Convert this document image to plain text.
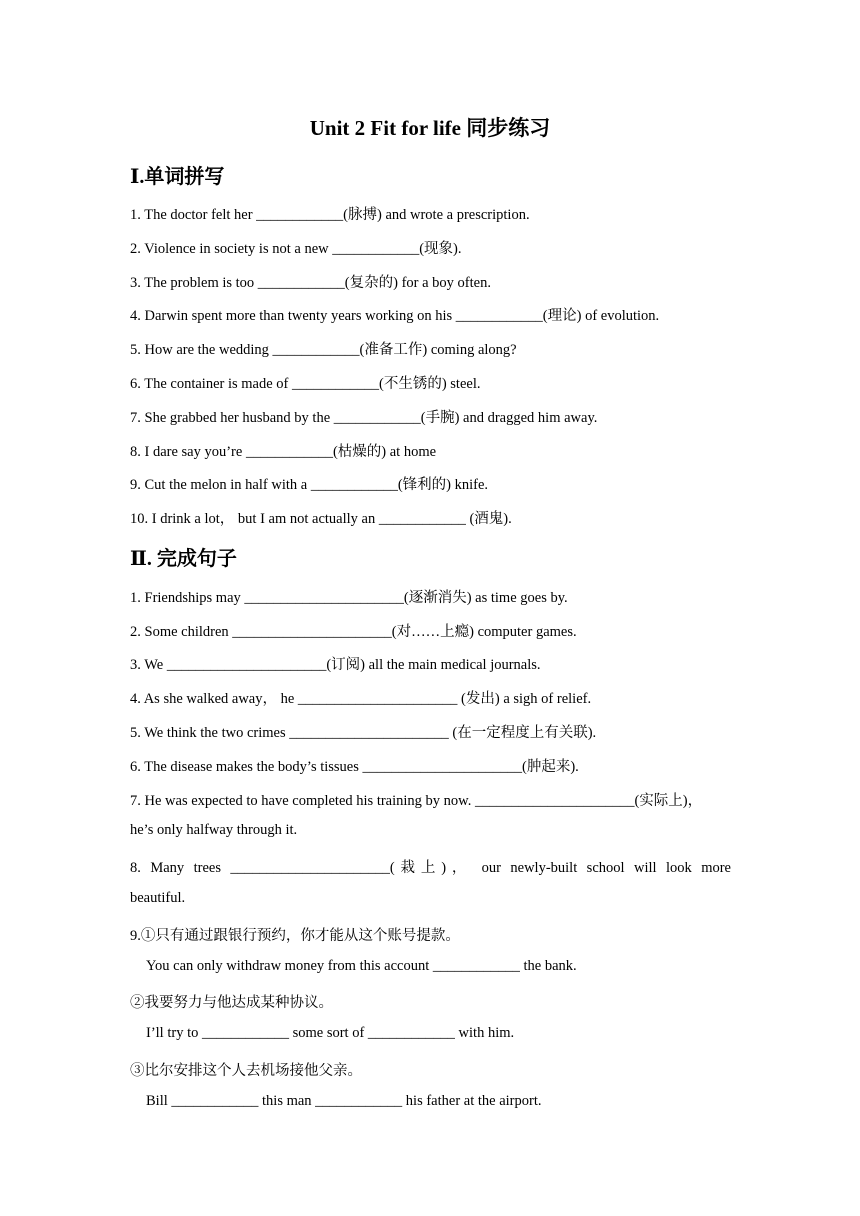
Unit 2 Fit for life 同步练习
Ⅰ.单词拼写
1. The doctor felt her ____________(脉搏) and wrote a prescription.
2. Violence in society is not a new ____________(现象).
3. The problem is too ____________(复杂的) for a boy often.
4. Darwin spent more than twenty years working on his ____________(理论) of evolution.
5. How are the wedding ____________(准备工作) coming along?
6. The container is made of ____________(不生锈的) steel.
7. She grabbed her husband by the ____________(手腕) and dragged him away.
8. I dare say you’re ____________(枯燥的) at home
9. Cut the melon in half with a ____________(锋利的) knife.
10. I drink a lot， but I am not actually an ____________ (酒鬼).
Ⅱ. 完成句子
1. Friendships may ______________________(逐渐消失) as time goes by.
2. Some children ______________________(对……上瘾) computer games.
3. We ______________________(订阅) all the main medical journals.
4. As she walked away， he ______________________ (发出) a sigh of relief.
5. We think the two crimes ______________________ (在一定程度上有关联).
6. The disease makes the body’s tissues ______________________(肿起来).
7. He was expected to have completed his training by now. ______________________(实际上)，
he’s only halfway through it.
8. Many trees ______________________(栽上)， our newly-built school will look more
beautiful.
9.①只有通过跟银行预约，你才能从这个账号提款。
You can only withdraw money from this account ____________ the bank.
②我要努力与他达成某种协议。
I’ll try to ____________ some sort of ____________ with him.
③比尔安排这个人去机场接他父亲。
Bill ____________ this man ____________ his father at the airport.
